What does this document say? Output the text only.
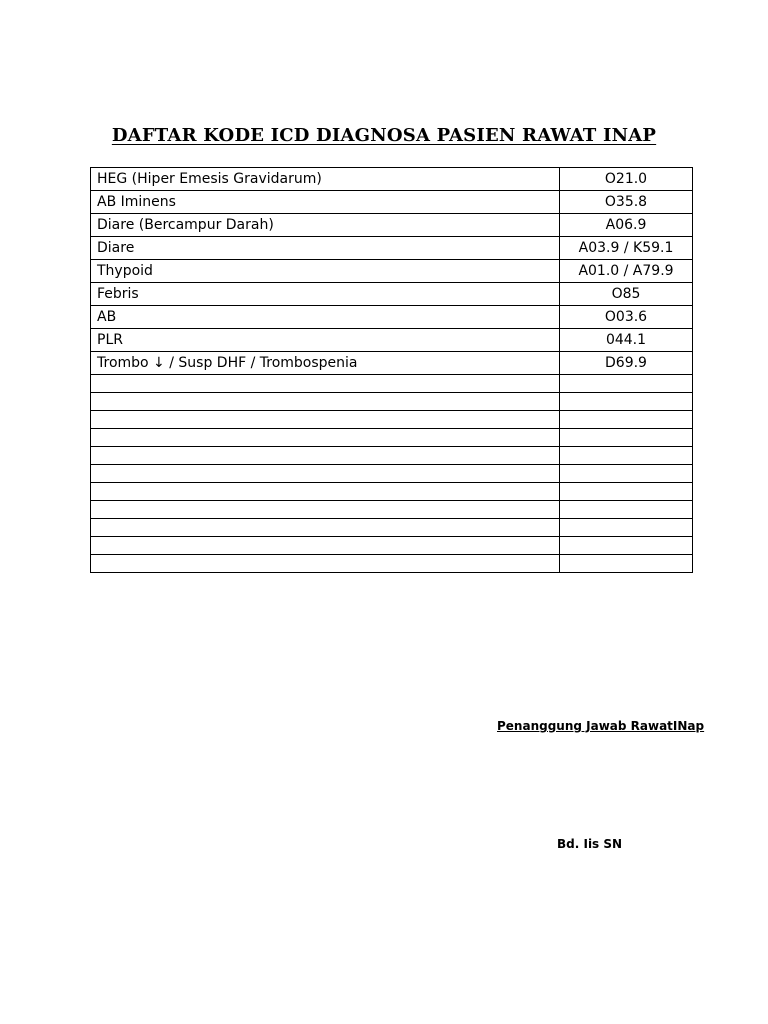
DAFTAR KODE ICD DIAGNOSA PASIEN RAWAT INAP
HEG (Hiper Emesis Gravidarum)	O21.0
AB Iminens	O35.8
Diare (Bercampur Darah)	A06.9
Diare	A03.9 / K59.1
Thypoid	A01.0 / A79.9
Febris	O85
AB	O03.6
PLR	044.1
Trombo ↓ / Susp DHF / Trombospenia	D69.9

Penanggung Jawab RawatINap
Bd. Iis SN
